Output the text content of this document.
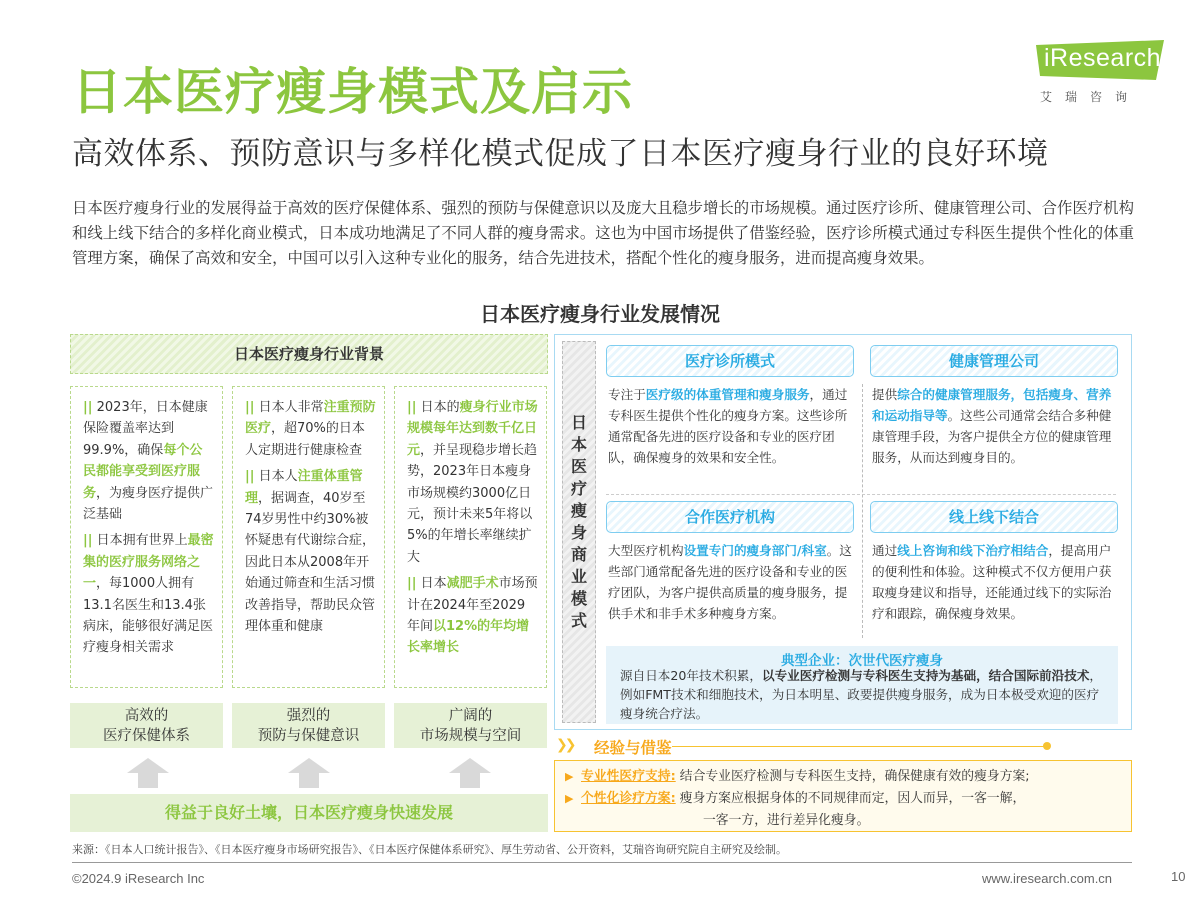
日本医疗瘦身模式及启示
高效体系、预防意识与多样化模式促成了日本医疗瘦身行业的良好环境
iResearch
艾瑞咨询
日本医疗瘦身行业的发展得益于高效的医疗保健体系、强烈的预防与保健意识以及庞大且稳步增长的市场规模。通过医疗诊所、健康管理公司、合作医疗机构和线上线下结合的多样化商业模式，日本成功地满足了不同人群的瘦身需求。这也为中国市场提供了借鉴经验，医疗诊所模式通过专科医生提供个性化的体重管理方案，确保了高效和安全，中国可以引入这种专业化的服务，结合先进技术，搭配个性化的瘦身服务，进而提高瘦身效果。
日本医疗瘦身行业发展情况
日本医疗瘦身行业背景

|| 2023年，日本健康保险覆盖率达到99.9%，确保每个公民都能享受到医疗服务，为瘦身医疗提供广泛基础

|| 日本拥有世界上最密集的医疗服务网络之一，每1000人拥有13.1名医生和13.4张病床，能够很好满足医疗瘦身相关需求

|| 日本人非常注重预防医疗，超70%的日本人定期进行健康检查

|| 日本人注重体重管理，据调查，40岁至74岁男性中约30%被怀疑患有代谢综合症，因此日本从2008年开始通过筛查和生活习惯改善指导，帮助民众管理体重和健康

|| 日本的瘦身行业市场规模每年达到数千亿日元，并呈现稳步增长趋势，2023年日本瘦身市场规模约3000亿日元，预计未来5年将以5%的年增长率继续扩大

|| 日本减肥手术市场预计在2024年至2029年间以12%的年均增长率增长

高效的
医疗保健体系
强烈的
预防与保健意识
广阔的
市场规模与空间
得益于良好土壤，日本医疗瘦身快速发展
日
本
医
疗
瘦
身
商
业
模
式
医疗诊所模式	健康管理公司
合作医疗机构	线上线下结合
专注于医疗级的体重管理和瘦身服务，通过专科医生提供个性化的瘦身方案。这些诊所通常配备先进的医疗设备和专业的医疗团队，确保瘦身的效果和安全性。
提供综合的健康管理服务，包括瘦身、营养和运动指导等。这些公司通常会结合多种健康管理手段，为客户提供全方位的健康管理服务，从而达到瘦身目的。
大型医疗机构设置专门的瘦身部门/科室。这些部门通常配备先进的医疗设备和专业的医疗团队，为客户提供高质量的瘦身服务，提供手术和非手术多种瘦身方案。
通过线上咨询和线下治疗相结合，提高用户的便利性和体验。这种模式不仅方便用户获取瘦身建议和指导，还能通过线下的实际治疗和跟踪，确保瘦身效果。
典型企业：次世代医疗瘦身
源自日本20年技术积累，以专业医疗检测与专科医生支持为基础，结合国际前沿技术，例如FMT技术和细胞技术，为日本明星、政要提供瘦身服务，成为日本极受欢迎的医疗瘦身统合疗法。
❯❯ 经验与借鉴
▶ 专业性医疗支持: 结合专业医疗检测与专科医生支持，确保健康有效的瘦身方案;
▶ 个性化诊疗方案: 瘦身方案应根据身体的不同规律而定，因人而异，一客一解，
一客一方，进行差异化瘦身。
来源：《日本人口统计报告》、《日本医疗瘦身市场研究报告》、《日本医疗保健体系研究》、厚生劳动省、公开资料，艾瑞咨询研究院自主研究及绘制。
©2024.9 iResearch Inc	www.iresearch.com.cn	10
